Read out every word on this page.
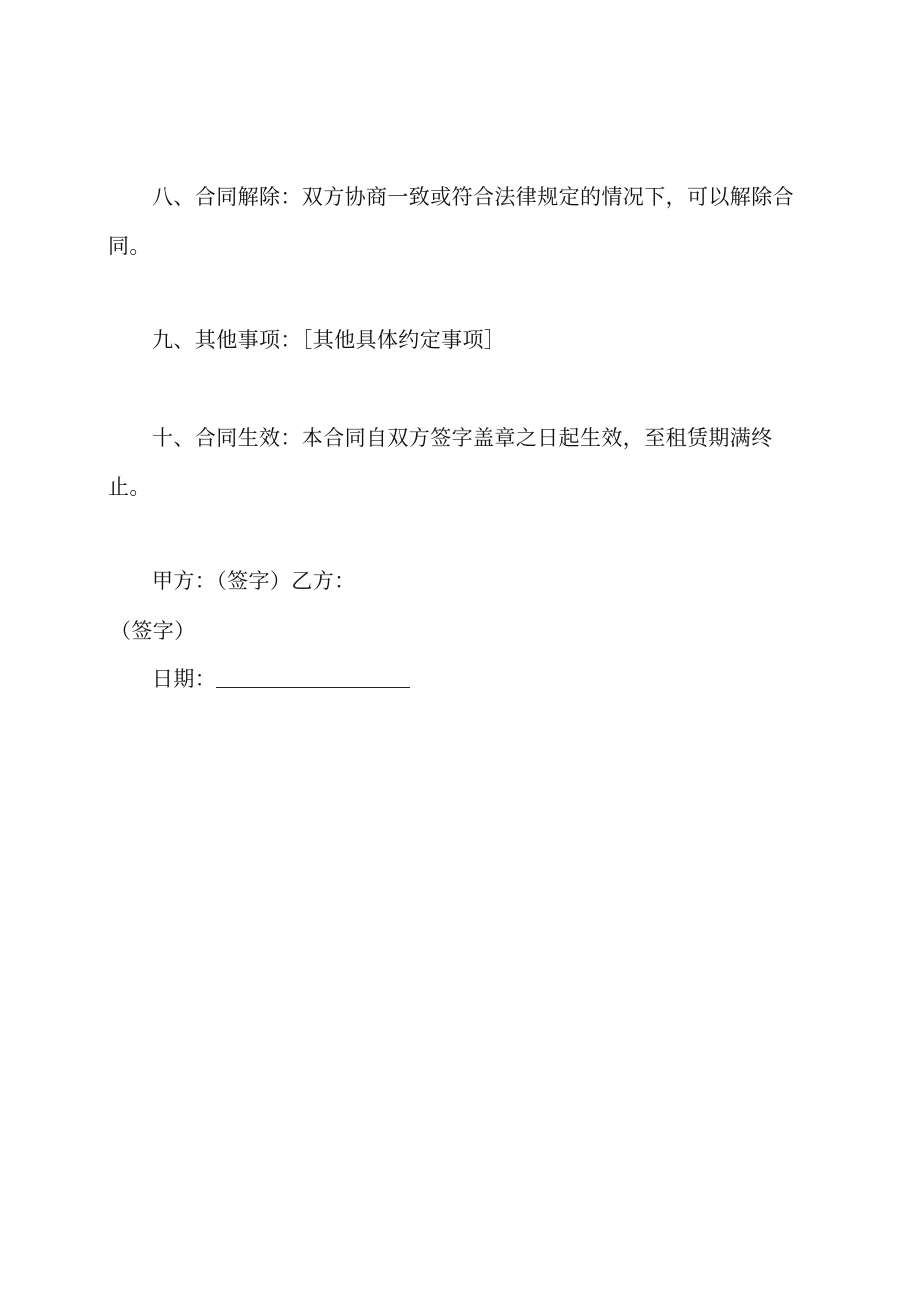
八、合同解除：双方协商一致或符合法律规定的情况下，可以解除合同。

九、其他事项：［其他具体约定事项］

十、合同生效：本合同自双方签字盖章之日起生效，至租赁期满终止。

甲方：（签字）乙方：

（签字）

日期：
